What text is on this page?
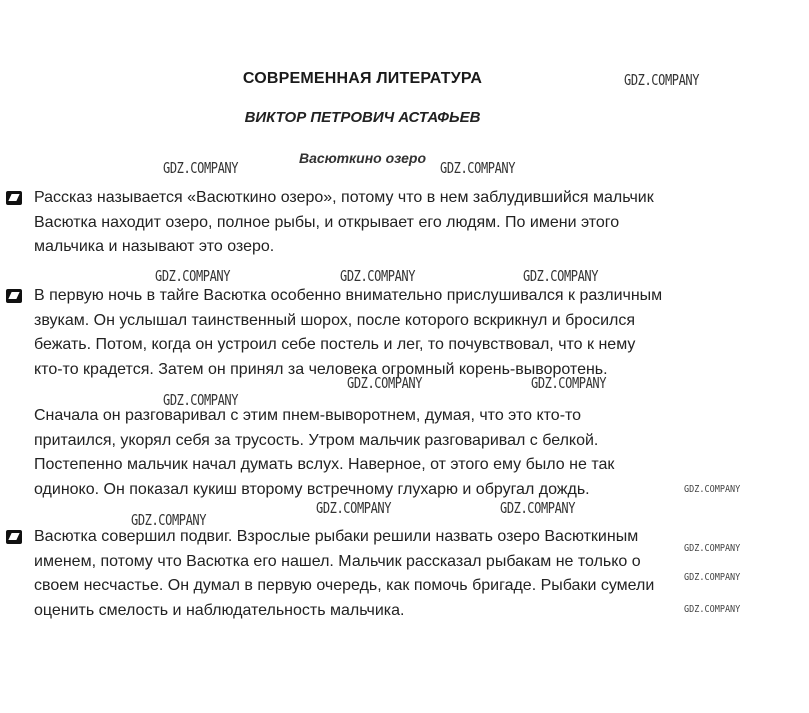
СОВРЕМЕННАЯ ЛИТЕРАТУРА
ВИКТОР ПЕТРОВИЧ АСТАФЬЕВ
Васюткино озеро
Рассказ называется «Васюткино озеро», потому что в нем заблудившийся мальчик
Васютка находит озеро, полное рыбы, и открывает его людям. По имени этого
мальчика и называют это озеро.
В первую ночь в тайге Васютка особенно внимательно прислушивался к различным
звукам. Он услышал таинственный шорох, после которого вскрикнул и бросился
бежать. Потом, когда он устроил себе постель и лег, то почувствовал, что к нему
кто-то крадется. Затем он принял за человека огромный корень-выворотень.
Сначала он разговаривал с этим пнем-выворотнем, думая, что это кто-то
притаился, укорял себя за трусость. Утром мальчик разговаривал с белкой.
Постепенно мальчик начал думать вслух. Наверное, от этого ему было не так
одиноко. Он показал кукиш второму встречному глухарю и обругал дождь.
Васютка совершил подвиг. Взрослые рыбаки решили назвать озеро Васюткиным
именем, потому что Васютка его нашел. Мальчик рассказал рыбакам не только о
своем несчастье. Он думал в первую очередь, как помочь бригаде. Рыбаки сумели
оценить смелость и наблюдательность мальчика.
GDZ.COMPANY
GDZ.COMPANY	GDZ.COMPANY
GDZ.COMPANY	GDZ.COMPANY	GDZ.COMPANY
GDZ.COMPANY	GDZ.COMPANY
GDZ.COMPANY
GDZ.COMPANY	GDZ.COMPANY
GDZ.COMPANY
GDZ.COMPANY
GDZ.COMPANY
GDZ.COMPANY
GDZ.COMPANY
